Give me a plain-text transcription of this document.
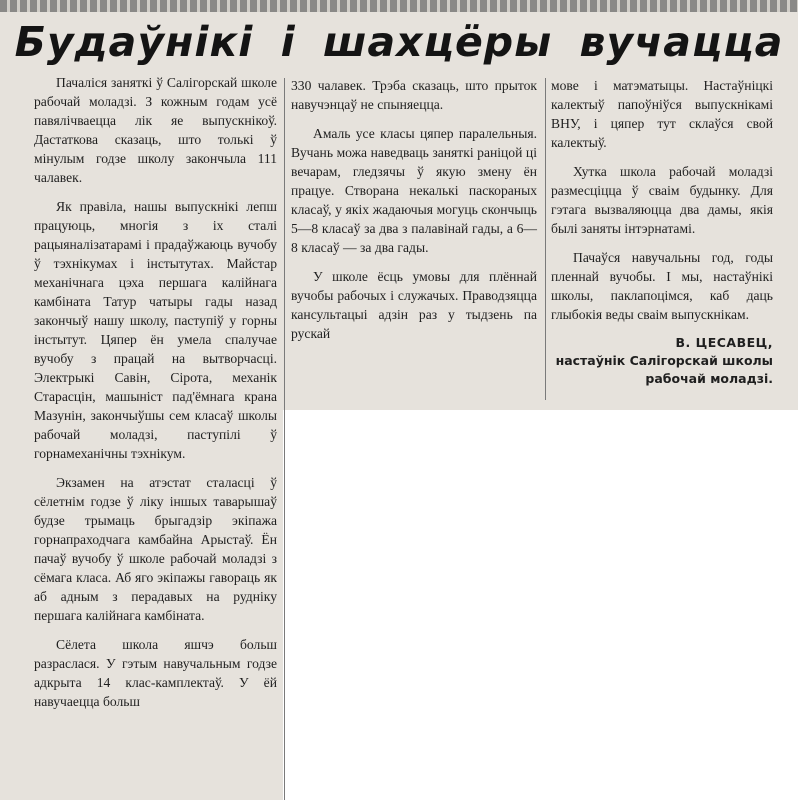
Будаўнікі і шахцёры вучацца

Пачаліся заняткі ў Салігорскай школе рабочай моладзі. З кожным годам усё павялічваецца лік яе выпускнікоў. Дастаткова сказаць, што толькі ў мінулым годзе школу закончыла 111 чалавек.

Як правіла, нашы выпускнікі лепш працуюць, многія з іх сталі рацыяналізатарамі і прадаўжаюць вучобу ў тэхнікумах і інстытутах. Майстар механічнага цэха першага калійнага камбіната Татур чатыры гады назад закончыў нашу школу, паступіў у горны інстытут. Цяпер ён умела спалучае вучобу з працай на вытворчасці. Электрыкі Савін, Сірота, механік Старасцін, машыніст пад'ёмнага крана Мазунін, закончыўшы сем класаў школы рабочай моладзі, паступілі ў горнамеханічны тэхнікум.

Экзамен на атэстат сталасці ў сёлетнім годзе ў ліку іншых таварышаў будзе трымаць брыгадзір экіпажа горнапраходчага камбайна Арыстаў. Ён пачаў вучобу ў школе рабочай моладзі з сёмага класа. Аб яго экіпажы гавораць як аб адным з перадавых на рудніку першага калійнага камбіната.

Сёлета школа яшчэ больш разраслася. У гэтым навучальным годзе адкрыта 14 клас-камплектаў. У ёй навучаецца больш

330 чалавек. Трэба сказаць, што прыток навучэнцаў не спыняецца.

Амаль усе класы цяпер паралельныя. Вучань можа наведваць заняткі раніцой ці вечарам, гледзячы ў якую змену ён працуе. Створана некалькі паскораных класаў, у якіх жадаючыя могуць скончыць 5—8 класаў за два з палавінай гады, а 6—8 класаў — за два гады.

У школе ёсць умовы для плённай вучобы рабочых і служачых. Праводзяцца кансультацыі адзін раз у тыдзень па рускай

мове і матэматыцы. Настаўніцкі калектыў папоўніўся выпускнікамі ВНУ, і цяпер тут склаўся свой калектыў.

Хутка школа рабочай моладзі размесціцца ў сваім будынку. Для гэтага вызваляюцца два дамы, якія былі заняты інтэрнатамі.

Пачаўся навучальны год, годы пленнай вучобы. І мы, настаўнікі школы, паклапоцімся, каб даць глыбокія веды сваім выпускнікам.

В. ЦЕСАВЕЦ,
настаўнік Салігорскай школы рабочай моладзі.
